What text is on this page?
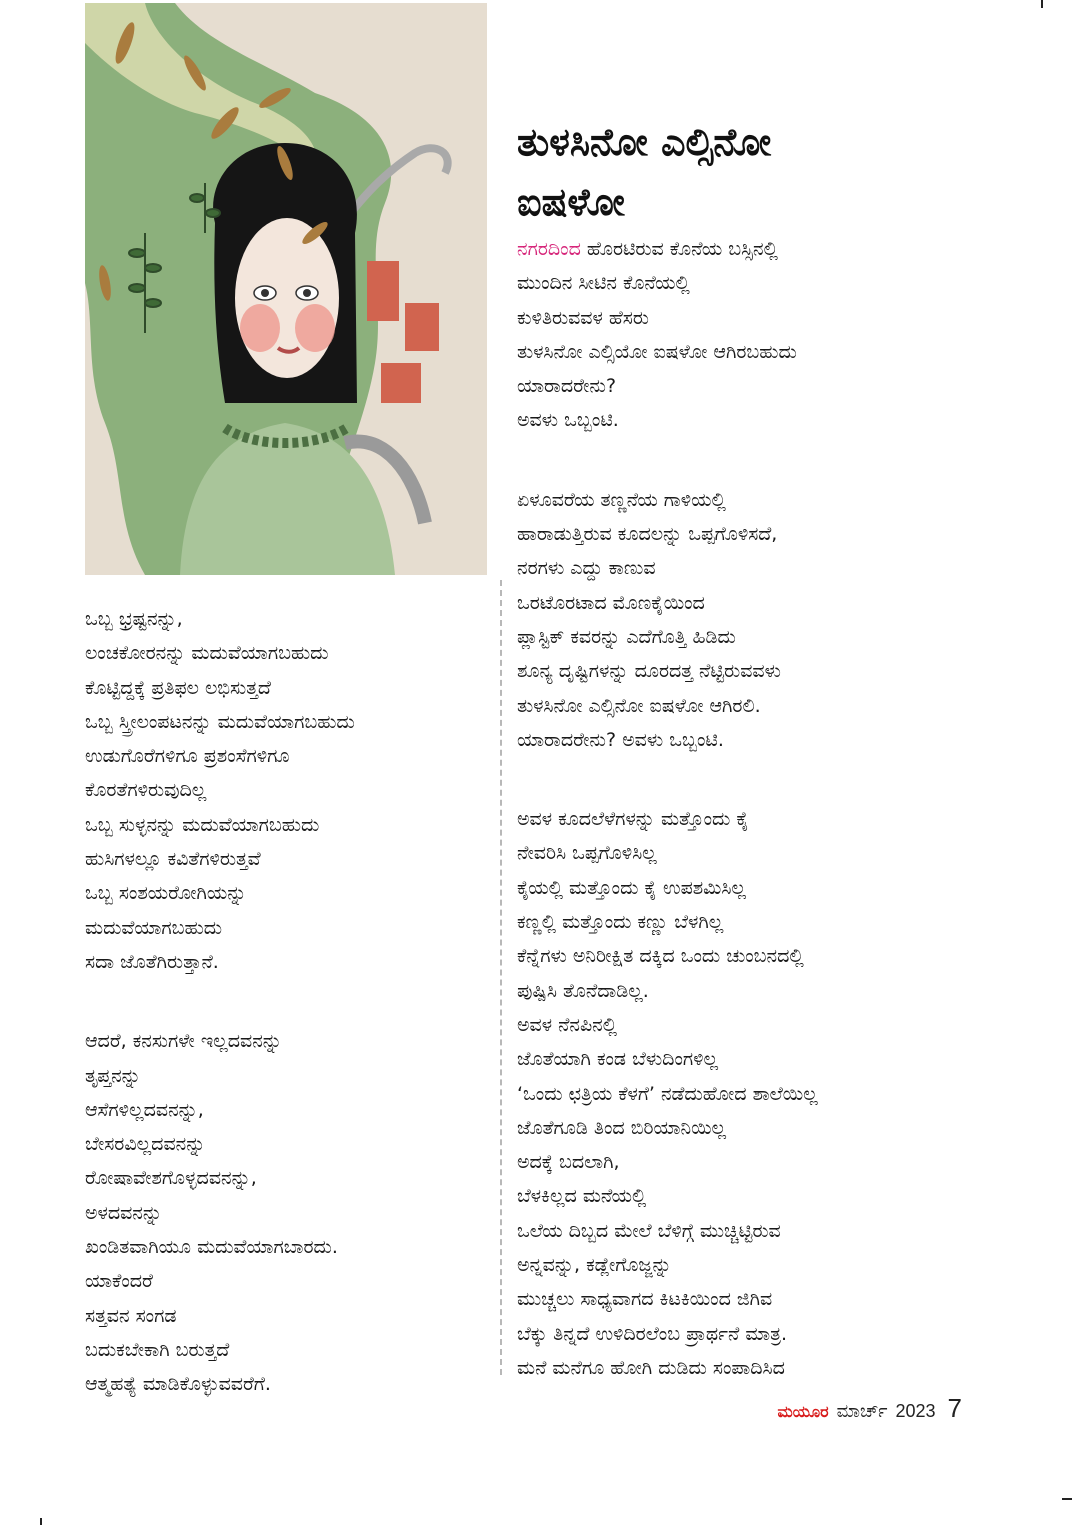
ತುಳಸಿನೋ ಎಲ್ಸಿನೋ
ಐಷಳೋ
ನಗರದಿಂದ ಹೊರಟಿರುವ ಕೊನೆಯ ಬಸ್ಸಿನಲ್ಲಿ
ಮುಂದಿನ ಸೀಟಿನ ಕೊನೆಯಲ್ಲಿ
ಕುಳಿತಿರುವವಳ ಹೆಸರು
ತುಳಸಿನೋ ಎಲ್ಸಿಯೋ ಐಷಳೋ ಆಗಿರಬಹುದು
ಯಾರಾದರೇನು?
ಅವಳು ಒಬ್ಬಂಟಿ.
ಏಳೂವರೆಯ ತಣ್ಣನೆಯ ಗಾಳಿಯಲ್ಲಿ
ಹಾರಾಡುತ್ತಿರುವ ಕೂದಲನ್ನು ಒಪ್ಪಗೊಳಿಸದೆ,
ನರಗಳು ಎದ್ದು ಕಾಣುವ
ಒರಟೊರಟಾದ ಮೊಣಕೈಯಿಂದ
ಪ್ಲಾಸ್ಟಿಕ್ ಕವರನ್ನು ಎದೆಗೊತ್ತಿ ಹಿಡಿದು
ಶೂನ್ಯ ದೃಷ್ಟಿಗಳನ್ನು ದೂರದತ್ತ ನೆಟ್ಟಿರುವವಳು
ತುಳಸಿನೋ ಎಲ್ಸಿನೋ ಐಷಳೋ ಆಗಿರಲಿ.
ಯಾರಾದರೇನು? ಅವಳು ಒಬ್ಬಂಟಿ.
ಅವಳ ಕೂದಲೆಳೆಗಳನ್ನು ಮತ್ತೊಂದು ಕೈ
ನೇವರಿಸಿ ಒಪ್ಪಗೊಳಿಸಿಲ್ಲ
ಕೈಯಲ್ಲಿ ಮತ್ತೊಂದು ಕೈ ಉಪಶಮಿಸಿಲ್ಲ
ಕಣ್ಣಲ್ಲಿ ಮತ್ತೊಂದು ಕಣ್ಣು ಬೆಳಗಿಲ್ಲ
ಕೆನ್ನೆಗಳು ಅನಿರೀಕ್ಷಿತ ದಕ್ಕಿದ ಒಂದು ಚುಂಬನದಲ್ಲಿ
ಪುಷ್ಪಿಸಿ ತೊನೆದಾಡಿಲ್ಲ.
ಅವಳ ನೆನಪಿನಲ್ಲಿ
ಜೊತೆಯಾಗಿ ಕಂಡ ಬೆಳುದಿಂಗಳಿಲ್ಲ
‘ಒಂದು ಛತ್ರಿಯ ಕೆಳಗೆ’ ನಡೆದುಹೋದ ಶಾಲೆಯಿಲ್ಲ
ಜೊತೆಗೂಡಿ ತಿಂದ ಬಿರಿಯಾನಿಯಿಲ್ಲ
ಅದಕ್ಕೆ ಬದಲಾಗಿ,
ಬೆಳಕಿಲ್ಲದ ಮನೆಯಲ್ಲಿ
ಒಲೆಯ ದಿಬ್ಬದ ಮೇಲೆ ಬೆಳಿಗ್ಗೆ ಮುಚ್ಚಿಟ್ಟಿರುವ
ಅನ್ನವನ್ನು, ಕಡ್ಲೇಗೊಜ್ಜನ್ನು
ಮುಚ್ಚಲು ಸಾಧ್ಯವಾಗದ ಕಿಟಕಿಯಿಂದ ಜಿಗಿವ
ಬೆಕ್ಕು ತಿನ್ನದೆ ಉಳಿದಿರಲೆಂಬ ಪ್ರಾರ್ಥನೆ ಮಾತ್ರ.
ಮನೆ ಮನೆಗೂ ಹೋಗಿ ದುಡಿದು ಸಂಪಾದಿಸಿದ
ಒಬ್ಬ ಭ್ರಷ್ಟನನ್ನು,
ಲಂಚಕೋರನನ್ನು ಮದುವೆಯಾಗಬಹುದು
ಕೊಟ್ಟಿದ್ದಕ್ಕೆ ಪ್ರತಿಫಲ ಲಭಿಸುತ್ತದೆ
ಒಬ್ಬ ಸ್ತ್ರೀಲಂಪಟನನ್ನು ಮದುವೆಯಾಗಬಹುದು
ಉಡುಗೊರೆಗಳಿಗೂ ಪ್ರಶಂಸೆಗಳಿಗೂ
ಕೊರತೆಗಳಿರುವುದಿಲ್ಲ
ಒಬ್ಬ ಸುಳ್ಳನನ್ನು ಮದುವೆಯಾಗಬಹುದು
ಹುಸಿಗಳಲ್ಲೂ ಕವಿತೆಗಳಿರುತ್ತವೆ
ಒಬ್ಬ ಸಂಶಯರೋಗಿಯನ್ನು
ಮದುವೆಯಾಗಬಹುದು
ಸದಾ ಜೊತೆಗಿರುತ್ತಾನೆ.
ಆದರೆ, ಕನಸುಗಳೇ ಇಲ್ಲದವನನ್ನು
ತೃಪ್ತನನ್ನು
ಆಸೆಗಳಿಲ್ಲದವನನ್ನು,
ಬೇಸರವಿಲ್ಲದವನನ್ನು
ರೋಷಾವೇಶಗೊಳ್ಳದವನನ್ನು,
ಅಳದವನನ್ನು
ಖಂಡಿತವಾಗಿಯೂ ಮದುವೆಯಾಗಬಾರದು.
ಯಾಕೆಂದರೆ
ಸತ್ತವನ ಸಂಗಡ
ಬದುಕಬೇಕಾಗಿ ಬರುತ್ತದೆ
ಆತ್ಮಹತ್ಯೆ ಮಾಡಿಕೊಳ್ಳುವವರೆಗೆ.
ಮಯೂರ ಮಾರ್ಚ್ 2023 7
